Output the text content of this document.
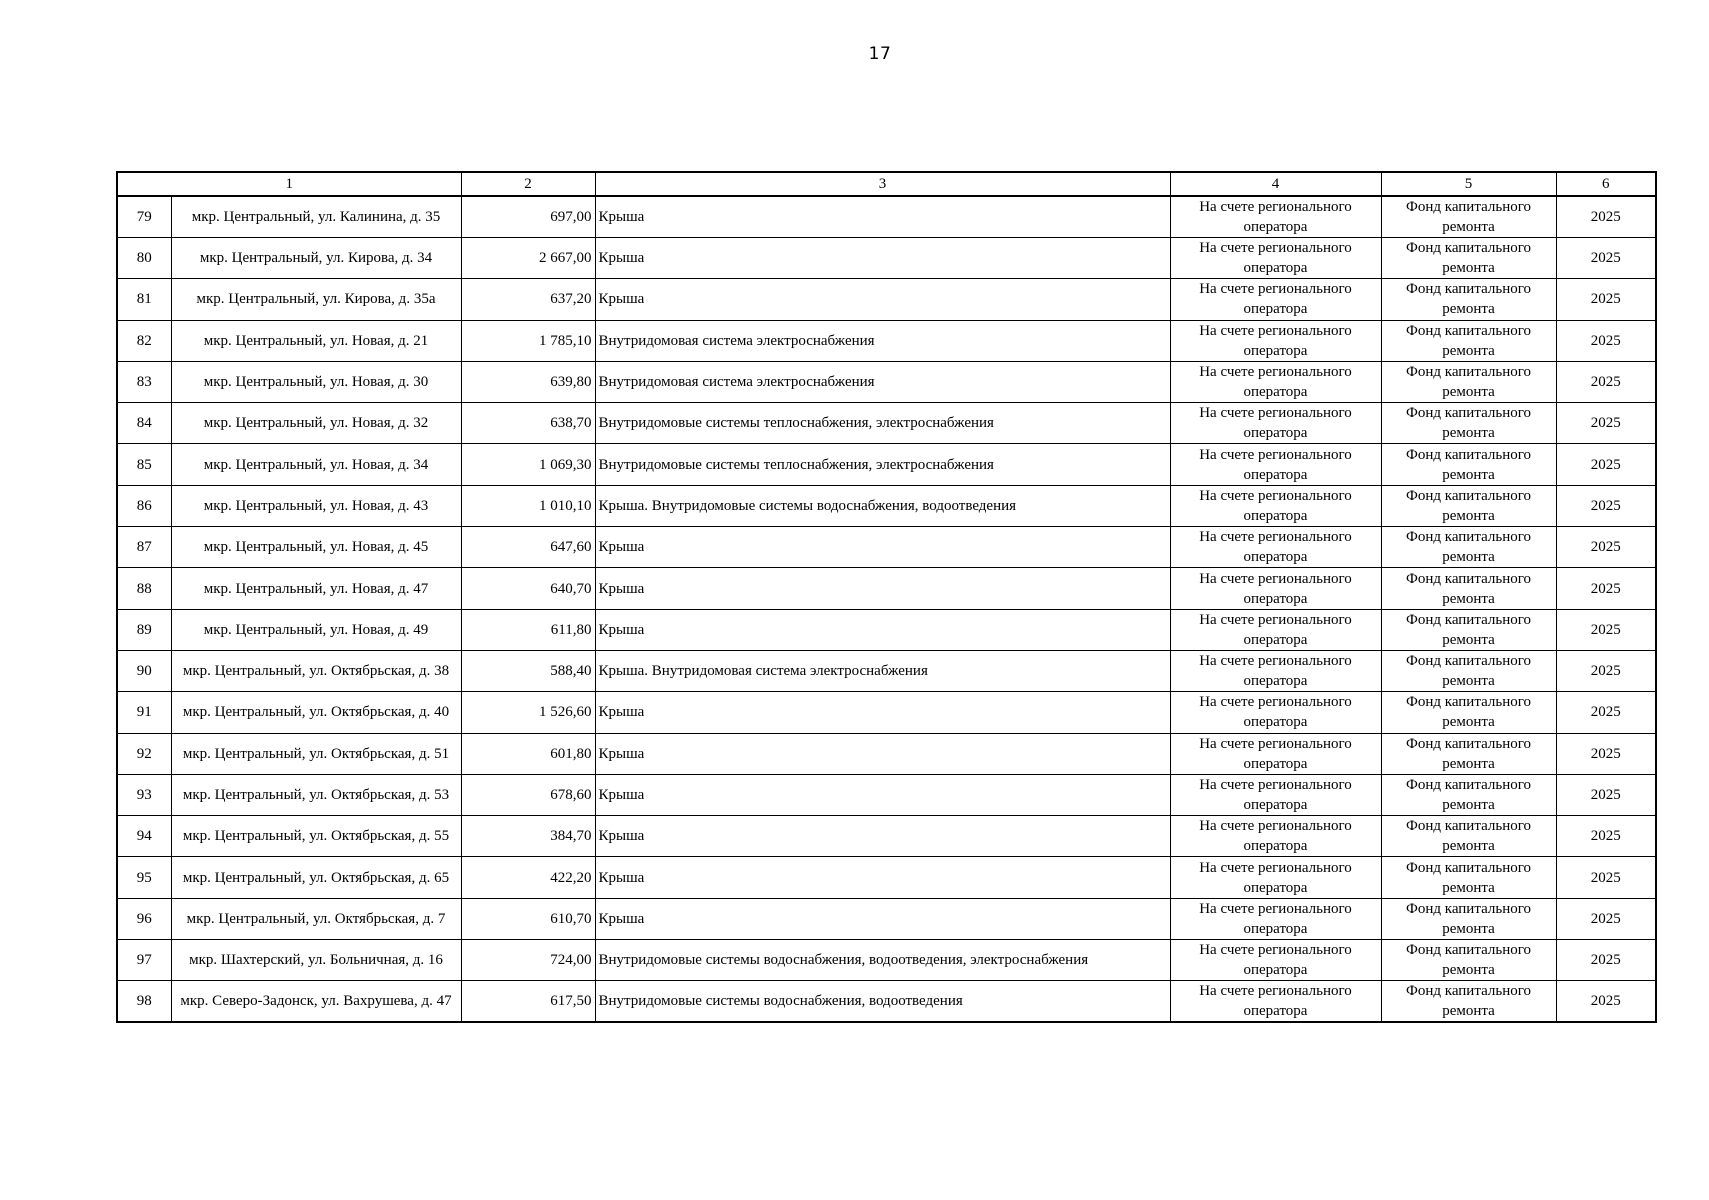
17
1		2	3	4	5	6
79	мкр. Центральный, ул. Калинина, д. 35	697,00	Крыша	На счете регионального оператора	Фонд капитального ремонта	2025
80	мкр. Центральный, ул. Кирова, д. 34	2 667,00	Крыша	На счете регионального оператора	Фонд капитального ремонта	2025
81	мкр. Центральный, ул. Кирова, д. 35а	637,20	Крыша	На счете регионального оператора	Фонд капитального ремонта	2025
82	мкр. Центральный, ул. Новая, д. 21	1 785,10	Внутридомовая система электроснабжения	На счете регионального оператора	Фонд капитального ремонта	2025
83	мкр. Центральный, ул. Новая, д. 30	639,80	Внутридомовая система электроснабжения	На счете регионального оператора	Фонд капитального ремонта	2025
84	мкр. Центральный, ул. Новая, д. 32	638,70	Внутридомовые системы теплоснабжения, электроснабжения	На счете регионального оператора	Фонд капитального ремонта	2025
85	мкр. Центральный, ул. Новая, д. 34	1 069,30	Внутридомовые системы теплоснабжения, электроснабжения	На счете регионального оператора	Фонд капитального ремонта	2025
86	мкр. Центральный, ул. Новая, д. 43	1 010,10	Крыша. Внутридомовые системы водоснабжения, водоотведения	На счете регионального оператора	Фонд капитального ремонта	2025
87	мкр. Центральный, ул. Новая, д. 45	647,60	Крыша	На счете регионального оператора	Фонд капитального ремонта	2025
88	мкр. Центральный, ул. Новая, д. 47	640,70	Крыша	На счете регионального оператора	Фонд капитального ремонта	2025
89	мкр. Центральный, ул. Новая, д. 49	611,80	Крыша	На счете регионального оператора	Фонд капитального ремонта	2025
90	мкр. Центральный, ул. Октябрьская, д. 38	588,40	Крыша. Внутридомовая система электроснабжения	На счете регионального оператора	Фонд капитального ремонта	2025
91	мкр. Центральный, ул. Октябрьская, д. 40	1 526,60	Крыша	На счете регионального оператора	Фонд капитального ремонта	2025
92	мкр. Центральный, ул. Октябрьская, д. 51	601,80	Крыша	На счете регионального оператора	Фонд капитального ремонта	2025
93	мкр. Центральный, ул. Октябрьская, д. 53	678,60	Крыша	На счете регионального оператора	Фонд капитального ремонта	2025
94	мкр. Центральный, ул. Октябрьская, д. 55	384,70	Крыша	На счете регионального оператора	Фонд капитального ремонта	2025
95	мкр. Центральный, ул. Октябрьская, д. 65	422,20	Крыша	На счете регионального оператора	Фонд капитального ремонта	2025
96	мкр. Центральный, ул. Октябрьская, д. 7	610,70	Крыша	На счете регионального оператора	Фонд капитального ремонта	2025
97	мкр. Шахтерский, ул. Больничная, д. 16	724,00	Внутридомовые системы водоснабжения, водоотведения, электроснабжения	На счете регионального оператора	Фонд капитального ремонта	2025
98	мкр. Северо-Задонск, ул. Вахрушева, д. 47	617,50	Внутридомовые системы водоснабжения, водоотведения	На счете регионального оператора	Фонд капитального ремонта	2025
